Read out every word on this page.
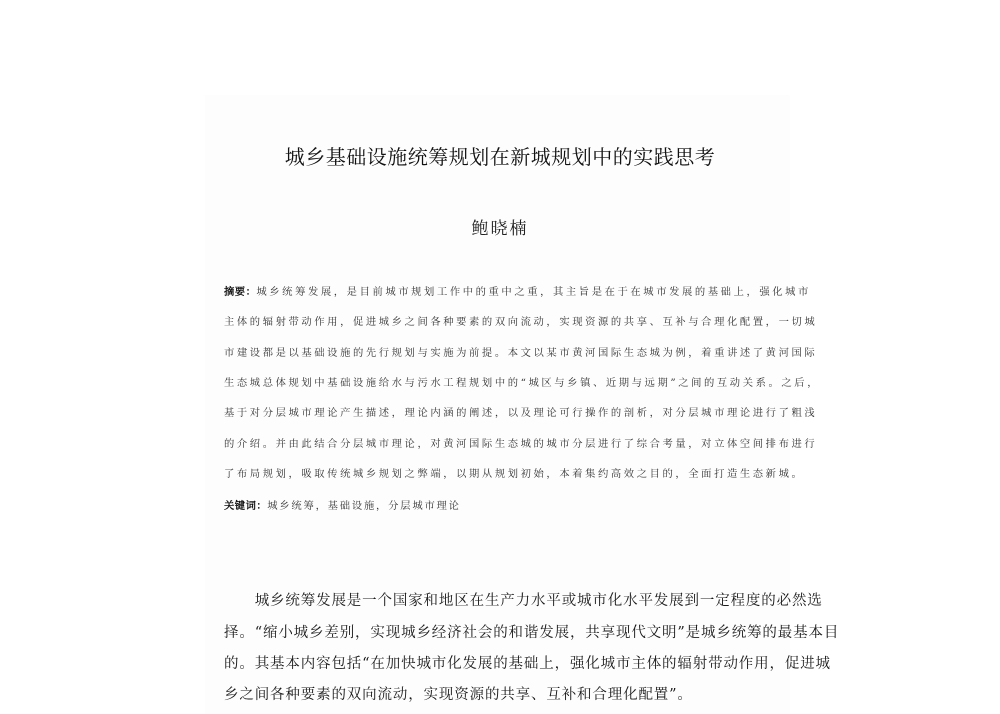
城乡基础设施统筹规划在新城规划中的实践思考
鲍晓楠
摘要：城乡统筹发展，是目前城市规划工作中的重中之重，其主旨是在于在城市发展的基础上，强化城市
主体的辐射带动作用，促进城乡之间各种要素的双向流动，实现资源的共享、互补与合理化配置，一切城
市建设都是以基础设施的先行规划与实施为前提。本文以某市黄河国际生态城为例，着重讲述了黄河国际
生态城总体规划中基础设施给水与污水工程规划中的“城区与乡镇、近期与远期”之间的互动关系。之后，
基于对分层城市理论产生描述，理论内涵的阐述，以及理论可行操作的剖析，对分层城市理论进行了粗浅
的介绍。并由此结合分层城市理论，对黄河国际生态城的城市分层进行了综合考量，对立体空间排布进行
了布局规划，吸取传统城乡规划之弊端，以期从规划初始，本着集约高效之目的，全面打造生态新城。
关键词：城乡统筹，基础设施，分层城市理论
　　城乡统筹发展是一个国家和地区在生产力水平或城市化水平发展到一定程度的必然选
择。“缩小城乡差别，实现城乡经济社会的和谐发展，共享现代文明”是城乡统筹的最基本目
的。其基本内容包括“在加快城市化发展的基础上，强化城市主体的辐射带动作用，促进城
乡之间各种要素的双向流动，实现资源的共享、互补和合理化配置”。
